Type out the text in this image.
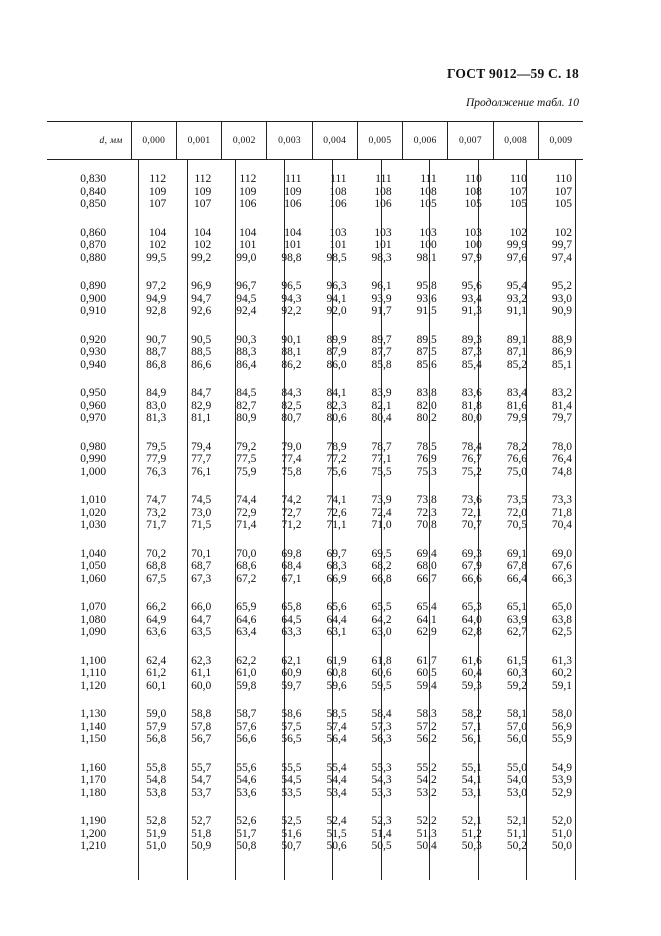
ГОСТ 9012—59 С. 18
Продолжение табл. 10
d, мм	0,000	0,001	0,002	0,003	0,004	0,005	0,006	0,007	0,008	0,009
0,830	112	112	112	111	111	111	111	110	110	110
0,840	109	109	109	109	108	108	108	108	107	107
0,850	107	107	106	106	106	106	105	105	105	105
0,860	104	104	104	104	103	103	103	103	102	102
0,870	102	102	101	101	101	101	100	100	99,9	99,7
0,880	99,5	99,2	99,0	98,8	98,5	98,3	98,1	97,9	97,6	97,4
0,890	97,2	96,9	96,7	96,5	96,3	96,1	95,8	95,6	95,4	95,2
0,900	94,9	94,7	94,5	94,3	94,1	93,9	93,6	93,4	93,2	93,0
0,910	92,8	92,6	92,4	92,2	92,0	91,7	91,5	91,3	91,1	90,9
0,920	90,7	90,5	90,3	90,1	89,9	89,7	89,5	89,3	89,1	88,9
0,930	88,7	88,5	88,3	88,1	87,9	87,7	87,5	87,3	87,1	86,9
0,940	86,8	86,6	86,4	86,2	86,0	85,8	85,6	85,4	85,2	85,1
0,950	84,9	84,7	84,5	84,3	84,1	83,9	83,8	83,6	83,4	83,2
0,960	83,0	82,9	82,7	82,5	82,3	82,1	82,0	81,8	81,6	81,4
0,970	81,3	81,1	80,9	80,7	80,6	80,4	80,2	80,0	79,9	79,7
0,980	79,5	79,4	79,2	79,0	78,9	78,7	78,5	78,4	78,2	78,0
0,990	77,9	77,7	77,5	77,4	77,2	77,1	76,9	76,7	76,6	76,4
1,000	76,3	76,1	75,9	75,8	75,6	75,5	75,3	75,2	75,0	74,8
1,010	74,7	74,5	74,4	74,2	74,1	73,9	73,8	73,6	73,5	73,3
1,020	73,2	73,0	72,9	72,7	72,6	72,4	72,3	72,1	72,0	71,8
1,030	71,7	71,5	71,4	71,2	71,1	71,0	70,8	70,7	70,5	70,4
1,040	70,2	70,1	70,0	69,8	69,7	69,5	69,4	69,3	69,1	69,0
1,050	68,8	68,7	68,6	68,4	68,3	68,2	68,0	67,9	67,8	67,6
1,060	67,5	67,3	67,2	67,1	66,9	66,8	66,7	66,6	66,4	66,3
1,070	66,2	66,0	65,9	65,8	65,6	65,5	65,4	65,3	65,1	65,0
1,080	64,9	64,7	64,6	64,5	64,4	64,2	64,1	64,0	63,9	63,8
1,090	63,6	63,5	63,4	63,3	63,1	63,0	62,9	62,8	62,7	62,5
1,100	62,4	62,3	62,2	62,1	61,9	61,8	61,7	61,6	61,5	61,3
1,110	61,2	61,1	61,0	60,9	60,8	60,6	60,5	60,4	60,3	60,2
1,120	60,1	60,0	59,8	59,7	59,6	59,5	59,4	59,3	59,2	59,1
1,130	59,0	58,8	58,7	58,6	58,5	58,4	58,3	58,2	58,1	58,0
1,140	57,9	57,8	57,6	57,5	57,4	57,3	57,2	57,1	57,0	56,9
1,150	56,8	56,7	56,6	56,5	56,4	56,3	56,2	56,1	56,0	55,9
1,160	55,8	55,7	55,6	55,5	55,4	55,3	55,2	55,1	55,0	54,9
1,170	54,8	54,7	54,6	54,5	54,4	54,3	54,2	54,1	54,0	53,9
1,180	53,8	53,7	53,6	53,5	53,4	53,3	53,2	53,1	53,0	52,9
1,190	52,8	52,7	52,6	52,5	52,4	52,3	52,2	52,1	52,1	52,0
1,200	51,9	51,8	51,7	51,6	51,5	51,4	51,3	51,2	51,1	51,0
1,210	51,0	50,9	50,8	50,7	50,6	50,5	50,4	50,3	50,2	50,0
